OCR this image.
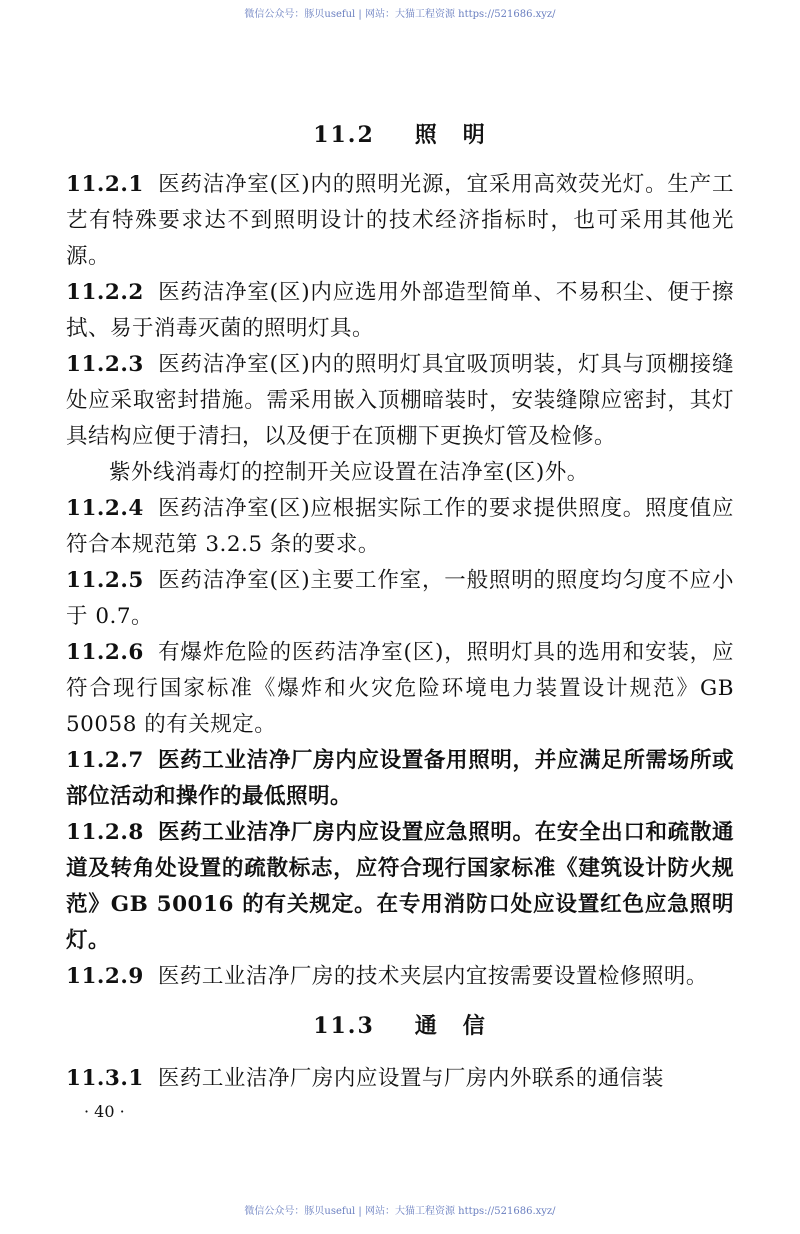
微信公众号：豚贝useful | 网站：大猫工程资源 https://521686.xyz/
11.2 照　明

11.2.1 医药洁净室(区)内的照明光源，宜采用高效荧光灯。生产工艺有特殊要求达不到照明设计的技术经济指标时，也可采用其他光源。

11.2.2 医药洁净室(区)内应选用外部造型简单、不易积尘、便于擦拭、易于消毒灭菌的照明灯具。

11.2.3 医药洁净室(区)内的照明灯具宜吸顶明装，灯具与顶棚接缝处应采取密封措施。需采用嵌入顶棚暗装时，安装缝隙应密封，其灯具结构应便于清扫，以及便于在顶棚下更换灯管及检修。

紫外线消毒灯的控制开关应设置在洁净室(区)外。

11.2.4 医药洁净室(区)应根据实际工作的要求提供照度。照度值应符合本规范第 3.2.5 条的要求。

11.2.5 医药洁净室(区)主要工作室，一般照明的照度均匀度不应小于 0.7。

11.2.6 有爆炸危险的医药洁净室(区)，照明灯具的选用和安装，应符合现行国家标准《爆炸和火灾危险环境电力装置设计规范》GB 50058 的有关规定。

11.2.7 医药工业洁净厂房内应设置备用照明，并应满足所需场所或部位活动和操作的最低照明。

11.2.8 医药工业洁净厂房内应设置应急照明。在安全出口和疏散通道及转角处设置的疏散标志，应符合现行国家标准《建筑设计防火规范》GB 50016 的有关规定。在专用消防口处应设置红色应急照明灯。

11.2.9 医药工业洁净厂房的技术夹层内宜按需要设置检修照明。

11.3 通　信

11.3.1 医药工业洁净厂房内应设置与厂房内外联系的通信装

· 40 ·
微信公众号：豚贝useful | 网站：大猫工程资源 https://521686.xyz/
